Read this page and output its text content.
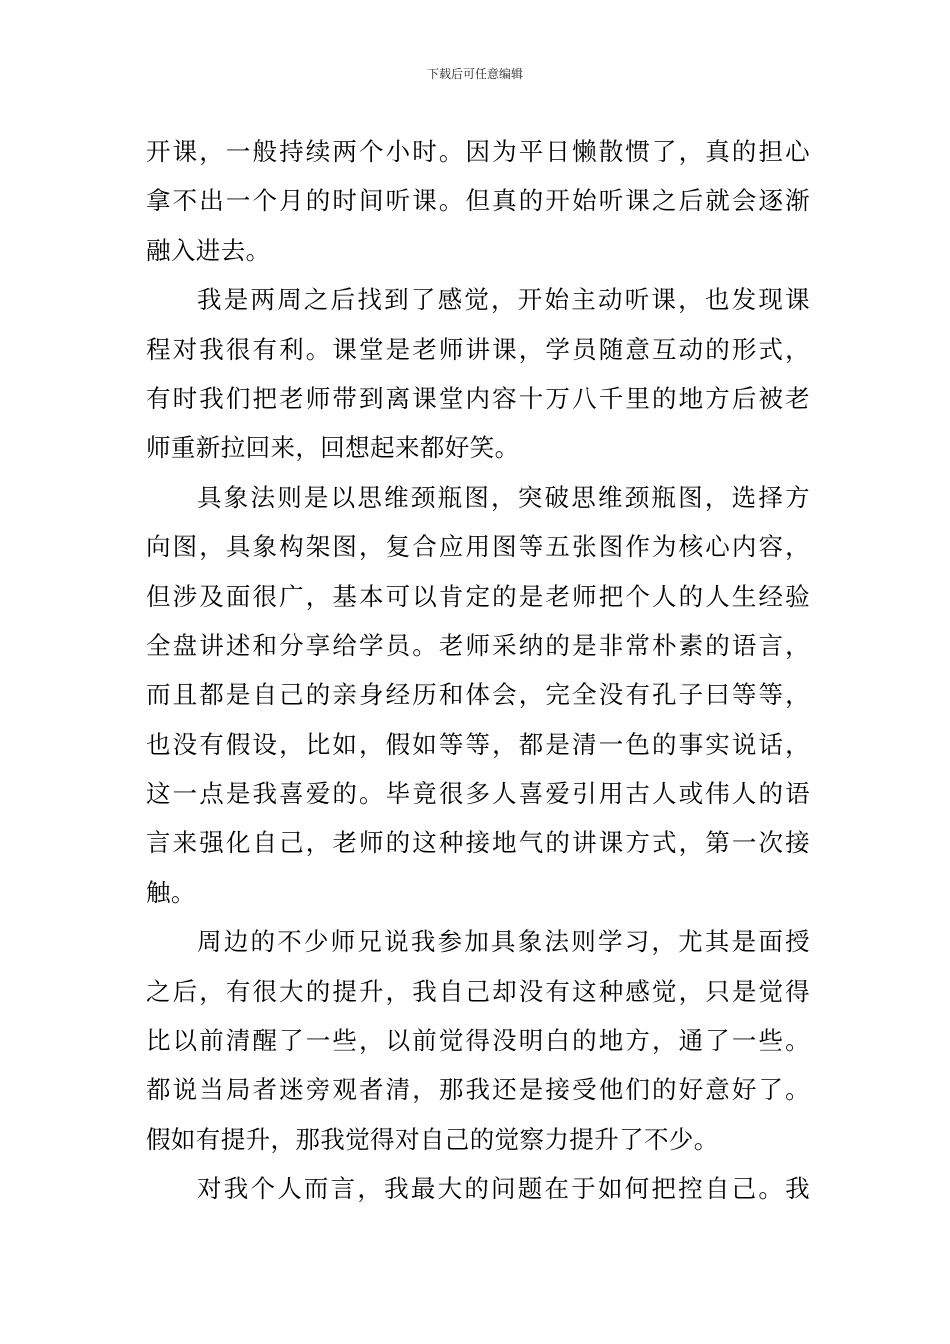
下载后可任意编辑
开课，一般持续两个小时。因为平日懒散惯了，真的担心
拿不出一个月的时间听课。但真的开始听课之后就会逐渐
融入进去。
我是两周之后找到了感觉，开始主动听课，也发现课
程对我很有利。课堂是老师讲课，学员随意互动的形式，
有时我们把老师带到离课堂内容十万八千里的地方后被老
师重新拉回来，回想起来都好笑。
具象法则是以思维颈瓶图，突破思维颈瓶图，选择方
向图，具象构架图，复合应用图等五张图作为核心内容，
但涉及面很广，基本可以肯定的是老师把个人的人生经验
全盘讲述和分享给学员。老师采纳的是非常朴素的语言，
而且都是自己的亲身经历和体会，完全没有孔子曰等等，
也没有假设，比如，假如等等，都是清一色的事实说话，
这一点是我喜爱的。毕竟很多人喜爱引用古人或伟人的语
言来强化自己，老师的这种接地气的讲课方式，第一次接
触。
周边的不少师兄说我参加具象法则学习，尤其是面授
之后，有很大的提升，我自己却没有这种感觉，只是觉得
比以前清醒了一些，以前觉得没明白的地方，通了一些。
都说当局者迷旁观者清，那我还是接受他们的好意好了。
假如有提升，那我觉得对自己的觉察力提升了不少。
对我个人而言，我最大的问题在于如何把控自己。我
